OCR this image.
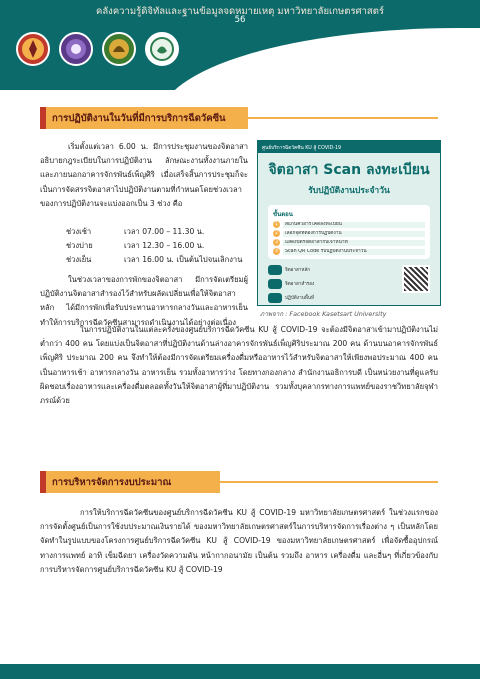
คลังความรู้ดิจิทัลและฐานข้อมูลจดหมายเหตุ มหาวิทยาลัยเกษตรศาสตร์
56
การปฏิบัติงานในวันที่มีการบริการฉีดวัคซีน
เริ่มตั้งแต่เวลา 6.00 น. มีการประชุมงานของจิตอาสาอธิบายกฎระเบียบในการปฏิบัติงาน ลักษณะงานทั้งงานภายในและภายนอกอาคารจักรพันธ์เพ็ญศิริ เมื่อเสร็จสิ้นการประชุมก็จะเป็นการจัดสรรจิตอาสาไปปฏิบัติงานตามที่กำหนดโดยช่วงเวลาของการปฏิบัติงานจะแบ่งออกเป็น 3 ช่วง คือ
ช่วงเช้า	เวลา 07.00 – 11.30 น.
ช่วงบ่าย	เวลา 12.30 – 16.00 น.
ช่วงเย็น	เวลา 16.00 น. เป็นต้นไปจนเลิกงาน
ในช่วงเวลาของการพักของจิตอาสา มีการจัดเตรียมผู้ปฏิบัติงานจิตอาสาสำรองไว้สำหรับผลัดเปลี่ยนเพื่อให้จิตอาสาหลัก ได้มีการพักเพื่อรับประทานอาหารกลางวันและอาหารเย็น ทำให้การบริการฉีดวัคซีนสามารถดำเนินงานได้อย่างต่อเนื่อง
ศูนย์บริการฉีดวัคซีน KU สู้ COVID-19
จิตอาสา Scan ลงทะเบียน
รับปฏิบัติงานประจำวัน
ขั้นตอน
1	สแกนคิวอาร์โค้ดลงทะเบียน
2	เลือกจุดที่ต้องการปฏิบัติงาน
3	แสดงบัตรจิตอาสากับเจ้าหน้าที่
4	Scan QR Code รับปฏิบัติงานประจำวัน
จิตอาสาหลัก
จิตอาสาสำรอง
ปฏิบัติงานพื้นที่
ภาพจาก : Facebook Kasetsart University
ในการปฏิบัติงานในแต่ละครั้งของศูนย์บริการฉีดวัคซีน KU สู้ COVID-19 จะต้องมีจิตอาสาเข้ามาปฏิบัติงานไม่ต่ำกว่า 400 คน โดยแบ่งเป็นจิตอาสาที่ปฏิบัติงานด้านล่างอาคารจักรพันธ์เพ็ญศิริประมาณ 200 คน ด้านบนอาคารจักรพันธ์เพ็ญศิริ ประมาณ 200 คน จึงทำให้ต้องมีการจัดเตรียมเครื่องดื่มหรืออาหารไว้สำหรับจิตอาสาให้เพียงพอประมาณ 400 คน เป็นอาหารเช้า อาหารกลางวัน อาหารเย็น รวมทั้งอาหารว่าง โดยทางกองกลาง สำนักงานอธิการบดี เป็นหน่วยงานที่ดูแลรับผิดชอบเรื่องอาหารและเครื่องดื่มตลอดทั้งวันให้จิตอาสาผู้ที่มาปฏิบัติงาน รวมทั้งบุคลากรทางการแพทย์ของราชวิทยาลัยจุฬาภรณ์ด้วย
การบริหารจัดการงบประมาณ
การให้บริการฉีดวัคซีนของศูนย์บริการฉีดวัคซีน KU สู้ COVID-19 มหาวิทยาลัยเกษตรศาสตร์ ในช่วงแรกของการจัดตั้งศูนย์เป็นการใช้งบประมาณเงินรายได้ ของมหาวิทยาลัยเกษตรศาสตร์ในการบริหารจัดการเรื่องต่าง ๆ เป็นหลักโดยจัดทำในรูปแบบของโครงการศูนย์บริการฉีดวัคซีน KU สู้ COVID-19 ของมหาวิทยาลัยเกษตรศาสตร์ เพื่อจัดซื้ออุปกรณ์ทางการแพทย์ อาทิ เข็มฉีดยา เครื่องวัดความดัน หน้ากากอนามัย เป็นต้น รวมถึง อาหาร เครื่องดื่ม และอื่นๆ ที่เกี่ยวข้องกับการบริหารจัดการศูนย์บริการฉีดวัคซีน KU สู้ COVID-19
